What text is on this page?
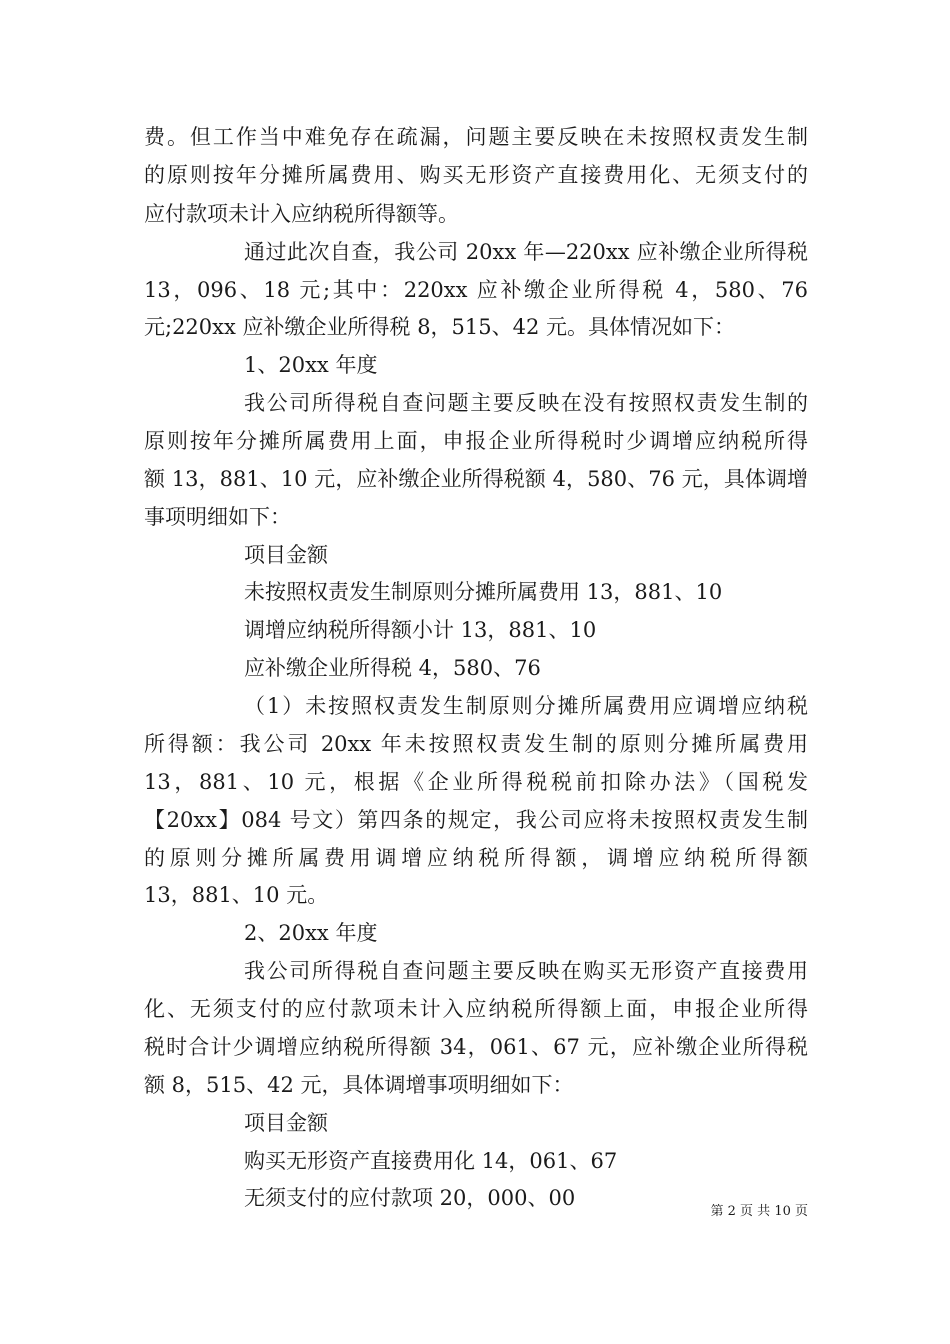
费。但工作当中难免存在疏漏，问题主要反映在未按照权责发生制
的原则按年分摊所属费用、购买无形资产直接费用化、无须支付的
应付款项未计入应纳税所得额等。
通过此次自查，我公司 20xx 年—220xx 应补缴企业所得税
13，096、18 元;其中：220xx 应补缴企业所得税 4，580、76
元;220xx 应补缴企业所得税 8，515、42 元。具体情况如下：
1、20xx 年度
我公司所得税自查问题主要反映在没有按照权责发生制的
原则按年分摊所属费用上面，申报企业所得税时少调增应纳税所得
额 13，881、10 元，应补缴企业所得税额 4，580、76 元，具体调增
事项明细如下：
项目金额
未按照权责发生制原则分摊所属费用 13，881、10
调增应纳税所得额小计 13，881、10
应补缴企业所得税 4，580、76
（1）未按照权责发生制原则分摊所属费用应调增应纳税
所得额：我公司 20xx 年未按照权责发生制的原则分摊所属费用
13，881、10 元，根据《企业所得税税前扣除办法》（国税发
【20xx】084 号文）第四条的规定，我公司应将未按照权责发生制
的原则分摊所属费用调增应纳税所得额，调增应纳税所得额
13，881、10 元。
2、20xx 年度
我公司所得税自查问题主要反映在购买无形资产直接费用
化、无须支付的应付款项未计入应纳税所得额上面，申报企业所得
税时合计少调增应纳税所得额 34，061、67 元，应补缴企业所得税
额 8，515、42 元，具体调增事项明细如下：
项目金额
购买无形资产直接费用化 14，061、67
无须支付的应付款项 20，000、00
第 2 页 共 10 页
